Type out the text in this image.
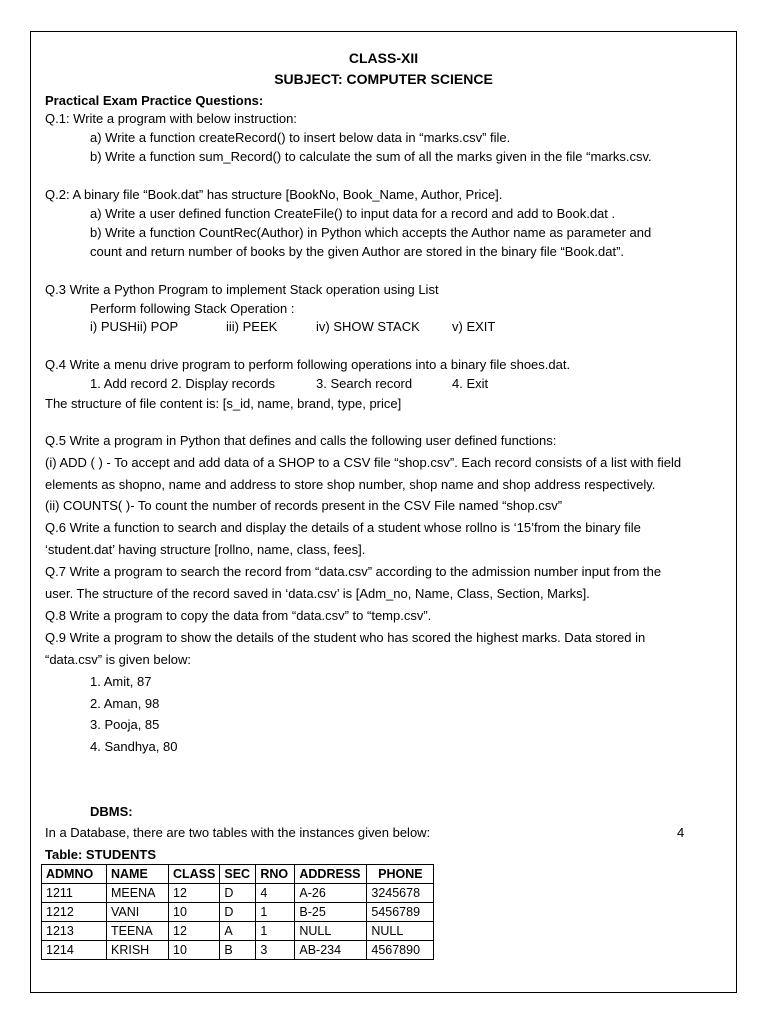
CLASS-XII
SUBJECT: COMPUTER SCIENCE
Practical Exam Practice Questions:
Q.1: Write a program with below instruction:
a) Write a function createRecord() to insert below data in “marks.csv” file.
b) Write a function sum_Record() to calculate the sum of all the marks given in the file “marks.csv.
Q.2: A binary file “Book.dat” has structure [BookNo, Book_Name, Author, Price].
a) Write a user defined function CreateFile() to input data for a record and add to Book.dat .
b) Write a function CountRec(Author) in Python which accepts the Author name as parameter and
count and return number of books by the given Author are stored in the binary file “Book.dat”.
Q.3 Write a Python Program to implement Stack operation using List
Perform following Stack Operation :
i) PUSHii) POP	iii) PEEK	iv) SHOW STACK v) EXIT
Q.4 Write a menu drive program to perform following operations into a binary file shoes.dat.
1. Add record 2. Display records	3. Search record	4. Exit
The structure of file content is: [s_id, name, brand, type, price]
Q.5 Write a program in Python that defines and calls the following user defined functions:
(i) ADD ( ) - To accept and add data of a SHOP to a CSV file “shop.csv”. Each record consists of a list with field
elements as shopno, name and address to store shop number, shop name and shop address respectively.
(ii) COUNTS( )- To count the number of records present in the CSV File named “shop.csv”
Q.6 Write a function to search and display the details of a student whose rollno is ‘15’from the binary file
‘student.dat’ having structure [rollno, name, class, fees].
Q.7 Write a program to search the record from “data.csv” according to the admission number input from the
user. The structure of the record saved in ‘data.csv’ is [Adm_no, Name, Class, Section, Marks].
Q.8 Write a program to copy the data from “data.csv” to “temp.csv”.
Q.9 Write a program to show the details of the student who has scored the highest marks. Data stored in
“data.csv” is given below:
1. Amit, 87
2. Aman, 98
3. Pooja, 85
4. Sandhya, 80
DBMS:
In a Database, there are two tables with the instances given below:	4
Table: STUDENTS
ADMNO	NAME	CLASS	SEC	RNO	ADDRESS	PHONE
1211	MEENA	12	D	4	A-26	3245678
1212	VANI	10	D	1	B-25	5456789
1213	TEENA	12	A	1	NULL	NULL
1214	KRISH	10	B	3	AB-234	4567890
